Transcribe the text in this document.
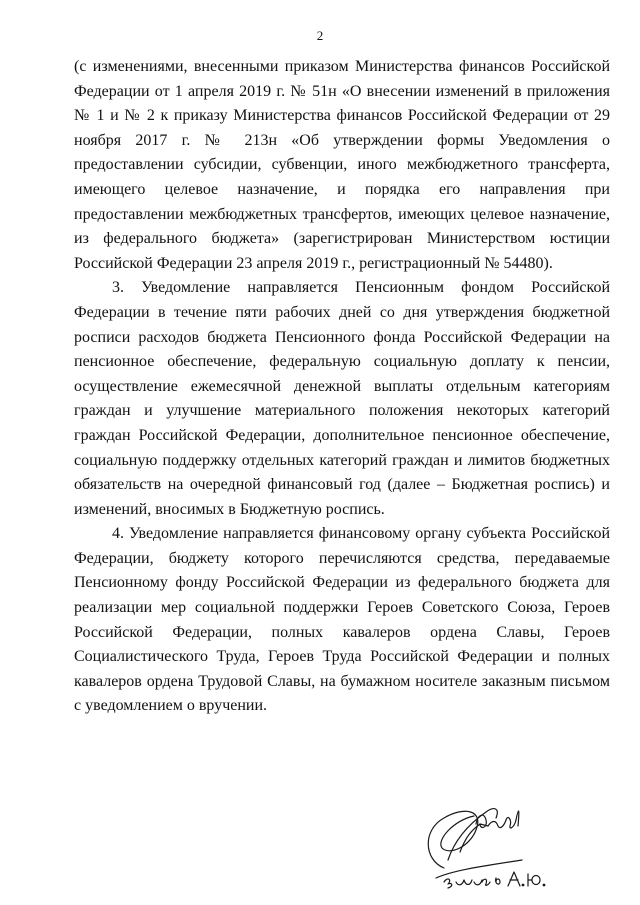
2

(с изменениями, внесенными приказом Министерства финансов Российской Федерации от 1 апреля 2019 г. № 51н «О внесении изменений в приложения № 1 и № 2 к приказу Министерства финансов Российской Федерации от 29 ноября 2017 г. № 213н «Об утверждении формы Уведомления о предоставлении субсидии, субвенции, иного межбюджетного трансферта, имеющего целевое назначение, и порядка его направления при предоставлении межбюджетных трансфертов, имеющих целевое назначение, из федерального бюджета» (зарегистрирован Министерством юстиции Российской Федерации 23 апреля 2019 г., регистрационный № 54480).

3. Уведомление направляется Пенсионным фондом Российской Федерации в течение пяти рабочих дней со дня утверждения бюджетной росписи расходов бюджета Пенсионного фонда Российской Федерации на пенсионное обеспечение, федеральную социальную доплату к пенсии, осуществление ежемесячной денежной выплаты отдельным категориям граждан и улучшение материального положения некоторых категорий граждан Российской Федерации, дополнительное пенсионное обеспечение, социальную поддержку отдельных категорий граждан и лимитов бюджетных обязательств на очередной финансовый год (далее – Бюджетная роспись) и изменений, вносимых в Бюджетную роспись.

4. Уведомление направляется финансовому органу субъекта Российской Федерации, бюджету которого перечисляются средства, передаваемые Пенсионному фонду Российской Федерации из федерального бюджета для реализации мер социальной поддержки Героев Советского Союза, Героев Российской Федерации, полных кавалеров ордена Славы, Героев Социалистического Труда, Героев Труда Российской Федерации и полных кавалеров ордена Трудовой Славы, на бумажном носителе заказным письмом с уведомлением о вручении.
